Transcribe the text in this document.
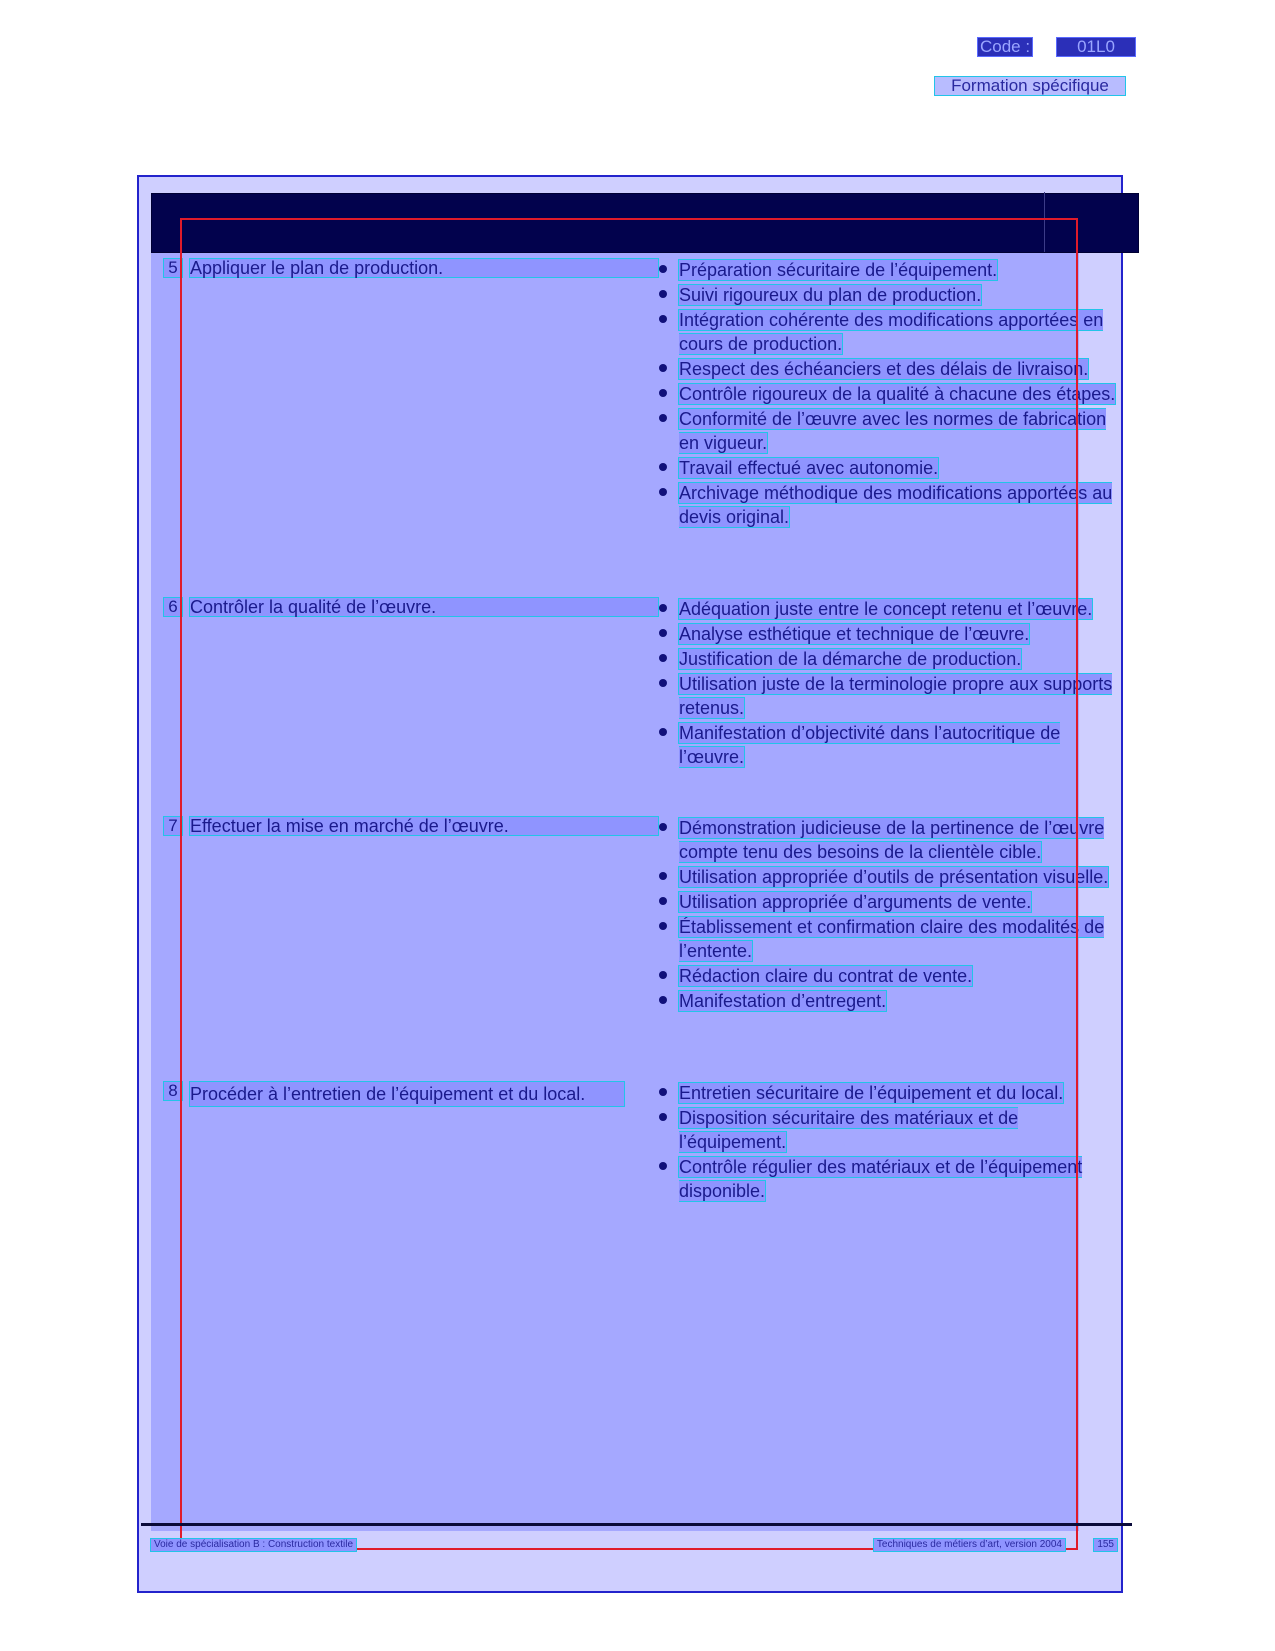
Formation spécifique
Code :	01L0
5 Appliquer le plan de production.	Préparation sécuritaire de l’équipement.
Suivi rigoureux du plan de production.
Intégration cohérente des modifications apportées en cours de production.
Respect des échéanciers et des délais de livraison.
Contrôle rigoureux de la qualité à chacune des étapes.
Conformité de l’œuvre avec les normes de fabrication en vigueur.
Travail effectué avec autonomie.
Archivage méthodique des modifications apportées au devis original.
6 Contrôler la qualité de l’œuvre.	Adéquation juste entre le concept retenu et l’œuvre.
Analyse esthétique et technique de l’œuvre.
Justification de la démarche de production.
Utilisation juste de la terminologie propre aux supports retenus.
Manifestation d’objectivité dans l’autocritique de l’œuvre.
7 Effectuer la mise en marché de l’œuvre.	Démonstration judicieuse de la pertinence de l’œuvre compte tenu des besoins de la clientèle cible.
Utilisation appropriée d’outils de présentation visuelle.
Utilisation appropriée d’arguments de vente.
Établissement et confirmation claire des modalités de l’entente.
Rédaction claire du contrat de vente.
Manifestation d’entregent.
8 Procéder à l’entretien de l’équipement et du local.	Entretien sécuritaire de l’équipement et du local.
Disposition sécuritaire des matériaux et de l’équipement.
Contrôle régulier des matériaux et de l’équipement disponible.
Voie de spécialisation B : Construction textile	Techniques de métiers d’art, version 2004	155
